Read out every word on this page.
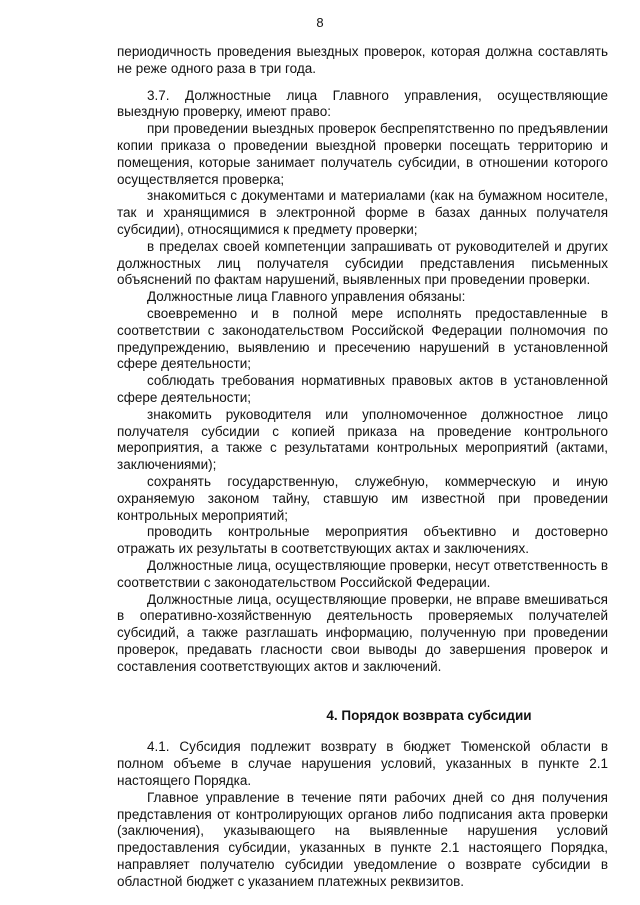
8

периодичность проведения выездных проверок, которая должна составлять не реже одного раза в три года.

3.7. Должностные лица Главного управления, осуществляющие выездную проверку, имеют право:

при проведении выездных проверок беспрепятственно по предъявлении копии приказа о проведении выездной проверки посещать территорию и помещения, которые занимает получатель субсидии, в отношении которого осуществляется проверка;

знакомиться с документами и материалами (как на бумажном носителе, так и хранящимися в электронной форме в базах данных получателя субсидии), относящимися к предмету проверки;

в пределах своей компетенции запрашивать от руководителей и других должностных лиц получателя субсидии представления письменных объяснений по фактам нарушений, выявленных при проведении проверки.

Должностные лица Главного управления обязаны:

своевременно и в полной мере исполнять предоставленные в соответствии с законодательством Российской Федерации полномочия по предупреждению, выявлению и пресечению нарушений в установленной сфере деятельности;

соблюдать требования нормативных правовых актов в установленной сфере деятельности;

знакомить руководителя или уполномоченное должностное лицо получателя субсидии с копией приказа на проведение контрольного мероприятия, а также с результатами контрольных мероприятий (актами, заключениями);

сохранять государственную, служебную, коммерческую и иную охраняемую законом тайну, ставшую им известной при проведении контрольных мероприятий;

проводить контрольные мероприятия объективно и достоверно отражать их результаты в соответствующих актах и заключениях.

Должностные лица, осуществляющие проверки, несут ответственность в соответствии с законодательством Российской Федерации.

Должностные лица, осуществляющие проверки, не вправе вмешиваться в оперативно-хозяйственную деятельность проверяемых получателей субсидий, а также разглашать информацию, полученную при проведении проверок, предавать гласности свои выводы до завершения проверок и составления соответствующих актов и заключений.

4. Порядок возврата субсидии

4.1. Субсидия подлежит возврату в бюджет Тюменской области в полном объеме в случае нарушения условий, указанных в пункте 2.1 настоящего Порядка.

Главное управление в течение пяти рабочих дней со дня получения представления от контролирующих органов либо подписания акта проверки (заключения), указывающего на выявленные нарушения условий предоставления субсидии, указанных в пункте 2.1 настоящего Порядка, направляет получателю субсидии уведомление о возврате субсидии в областной бюджет с указанием платежных реквизитов.
